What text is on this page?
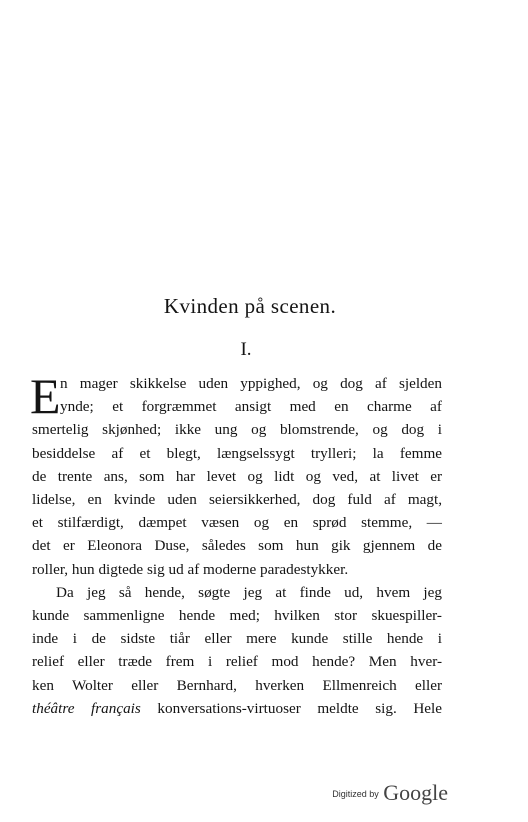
Kvinden på scenen.
I.
E n mager skikkelse uden yppighed, og dog af sjelden
ynde; et forgræmmet ansigt med en charme af
smertelig skjønhed; ikke ung og blomstrende, og dog i
besiddelse af et blegt, længselssygt trylleri; la femme
de trente ans, som har levet og lidt og ved, at livet er
lidelse, en kvinde uden seiersikkerhed, dog fuld af magt,
et stilfærdigt, dæmpet væsen og en sprød stemme, —
det er Eleonora Duse, således som hun gik gjennem de
roller, hun digtede sig ud af moderne paradestykker.
Da jeg så hende, søgte jeg at finde ud, hvem jeg
kunde sammenligne hende med; hvilken stor skuespiller-
inde i de sidste tiår eller mere kunde stille hende i
relief eller træde frem i relief mod hende? Men hver-
ken Wolter eller Bernhard, hverken Ellmenreich eller
théâtre français konversations-virtuoser meldte sig. Hele
Digitized by Google
